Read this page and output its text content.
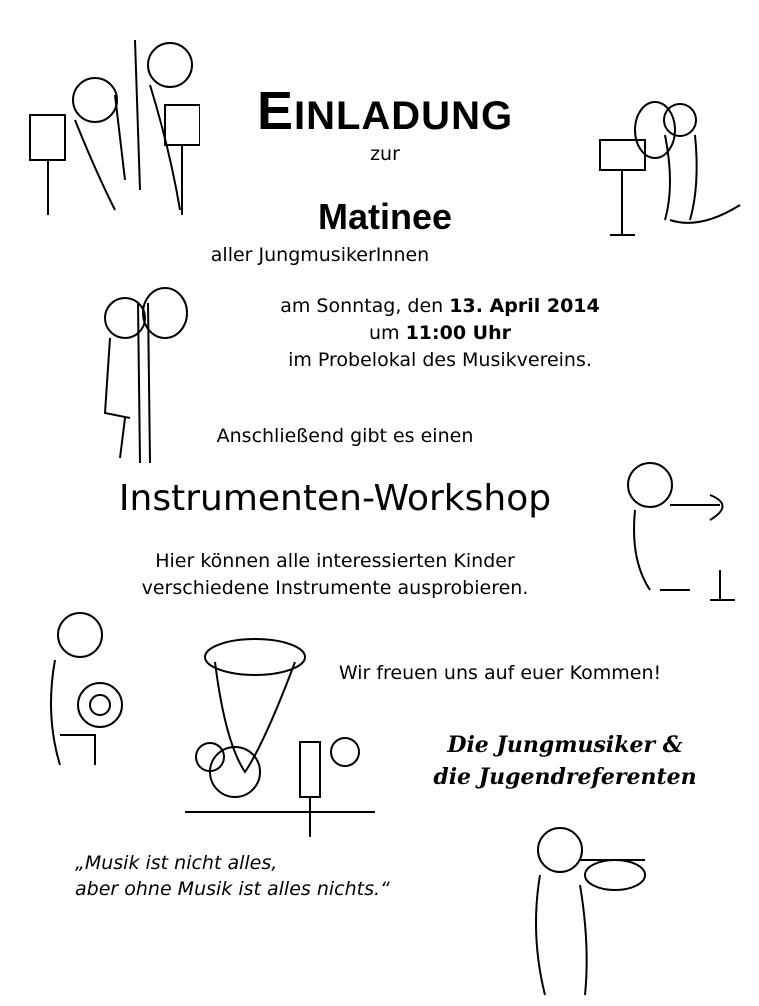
EINLADUNG
zur
Matinee
aller JungmusikerInnen
am Sonntag, den 13. April 2014
um 11:00 Uhr
im Probelokal des Musikvereins.
Anschließend gibt es einen
Instrumenten-Workshop
Hier können alle interessierten Kinder
verschiedene Instrumente ausprobieren.
Wir freuen uns auf euer Kommen!
Die Jungmusiker &
die Jugendreferenten
„Musik ist nicht alles,
aber ohne Musik ist alles nichts.“
